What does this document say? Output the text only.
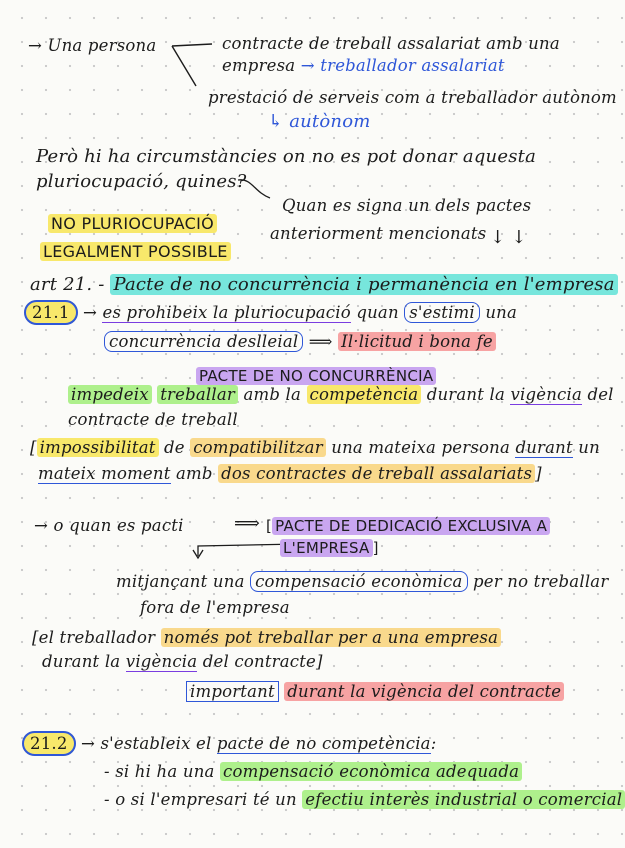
→ Una persona	contracte de treball assalariat amb una
empresa → treballador assalariat
prestació de serveis com a treballador autònom
↳ autònom
Però hi ha circumstàncies on no es pot donar aquesta
pluriocupació, quines?
Quan es signa un dels pactes
anteriorment mencionats ↓ ↓
NO PLURIOCUPACIÓ
LEGALMENT POSSIBLE
art 21. - Pacte de no concurrència i permanència en l'empresa
21.1 → es prohibeix la pluriocupació quan s'estimi una
concurrència deslleial ⟹ Il·licitud i bona fe
PACTE DE NO CONCURRÈNCIA
impedeix treballar amb la competència durant la vigència del
contracte de treball
[ impossibilitat de compatibilitzar una mateixa persona durant un
mateix moment amb dos contractes de treball assalariats ]
→ o quan es pacti	⟹ [ PACTE DE DEDICACIÓ EXCLUSIVA A
L'EMPRESA ]
mitjançant una compensació econòmica per no treballar
fora de l'empresa
[el treballador només pot treballar per a una empresa
durant la vigència del contracte]
important durant la vigència del contracte
21.2 → s'estableix el pacte de no competència:
- si hi ha una compensació econòmica adequada
- o si l'empresari té un efectiu interès industrial o comercial
